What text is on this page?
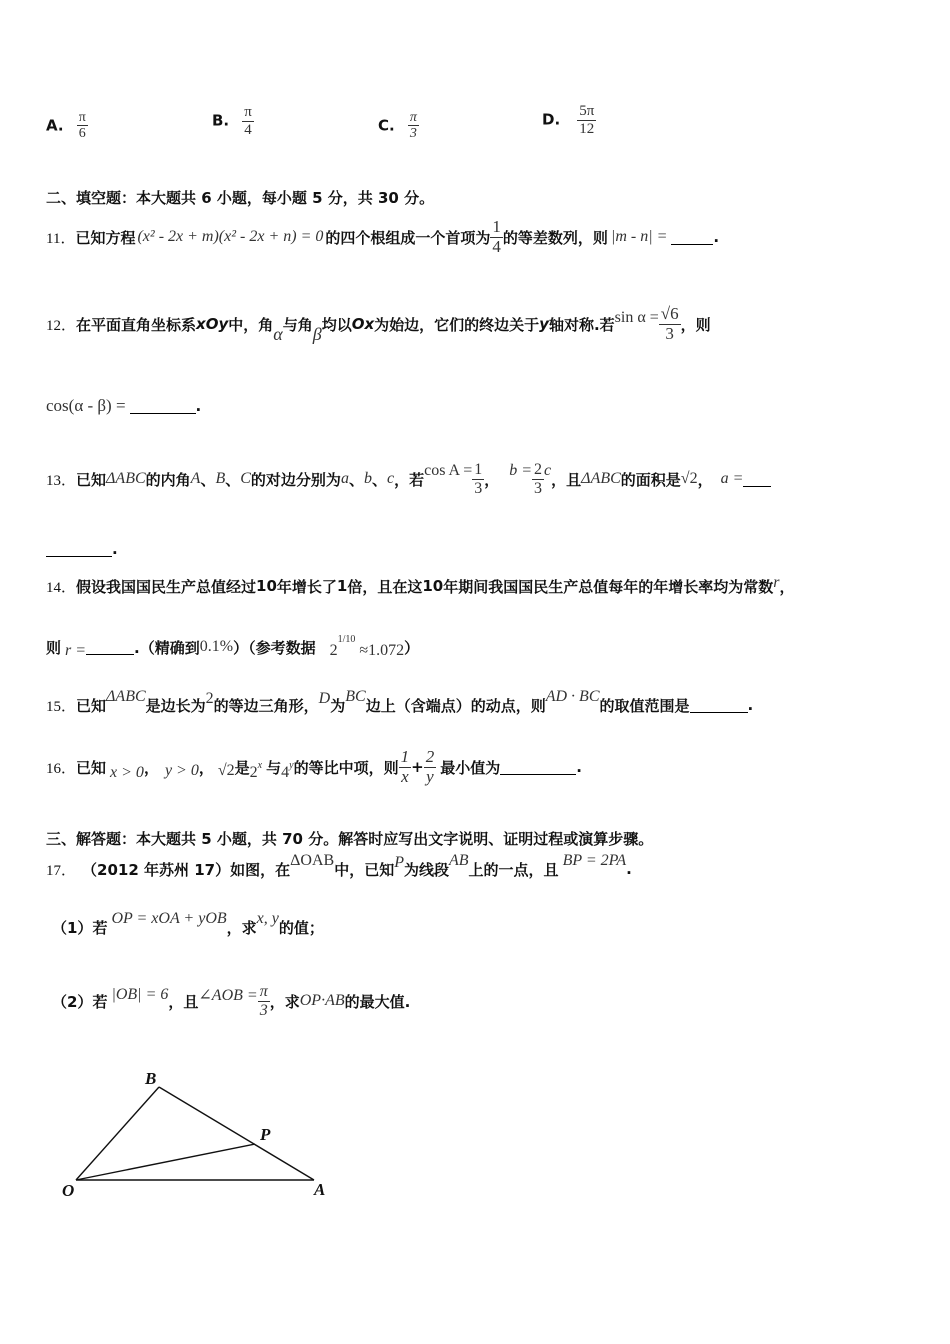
A. $\frac{\pi}{6}$	B. $\frac{\pi}{4}$	C. $\frac{\pi}{3}$	D. $\frac{5\pi}{12}$
二、填空题：本大题共 6 小题，每小题 5 分，共 30 分。
11． 已知方程 (x² - 2x + m)(x² - 2x + n) = 0 的四个根组成一个首项为 $\frac{1}{4}$ 的等差数列，则 |m - n| =	.
12． 在平面直角坐标系 xOy 中，角 α 与角 β 均以 Ox 为始边，它们的终边关于 y 轴对称.若 $\sin \alpha = \frac{√6}{3}$ ，则
cos(α - β) =	.
13． 已知 ΔABC 的内角 A 、 B 、 C 的对边分别为 a 、 b 、 c ，若 $\cos A = \frac{1}{3}$ ， $b = \frac{2}{3}$ c ，且 ΔABC 的面积是 √2 ， a =
.
14． 假设我国国民生产总值经过 10 年增长了 1 倍，且在这 10 年期间我国国民生产总值每年的年增长率均为常数 r ，
则 r =	.（精确到 0.1% ）（参考数据 2
1/10
≈1.072 ）
15． 已知 ΔABC 是边长为 2 的等边三角形， D 为 BC 边上（含端点）的动点，则 AD · BC 的取值范围是	.
16． 已知 x > 0 ， y > 0 ， √2 是 2 x 与 4 y 的等比中项，则 $\frac{1}{x} + \frac{2}{y}$ 最小值为	.
三、解答题：本大题共 5 小题，共 70 分。解答时应写出文字说明、证明过程或演算步骤。
17． （2012 年苏州 17） 如图，在 ΔOAB 中，已知 P 为线段 AB 上的一点，且 BP = 2PA .
（1） 若 OP = xOA + yOB ，求 x, y 的值；
（2） 若 |OB| = 6 ，且 ∠AOB = $\frac{\pi}{3}$ ，求 OP·AB 的最大值.
B
P
O	A
